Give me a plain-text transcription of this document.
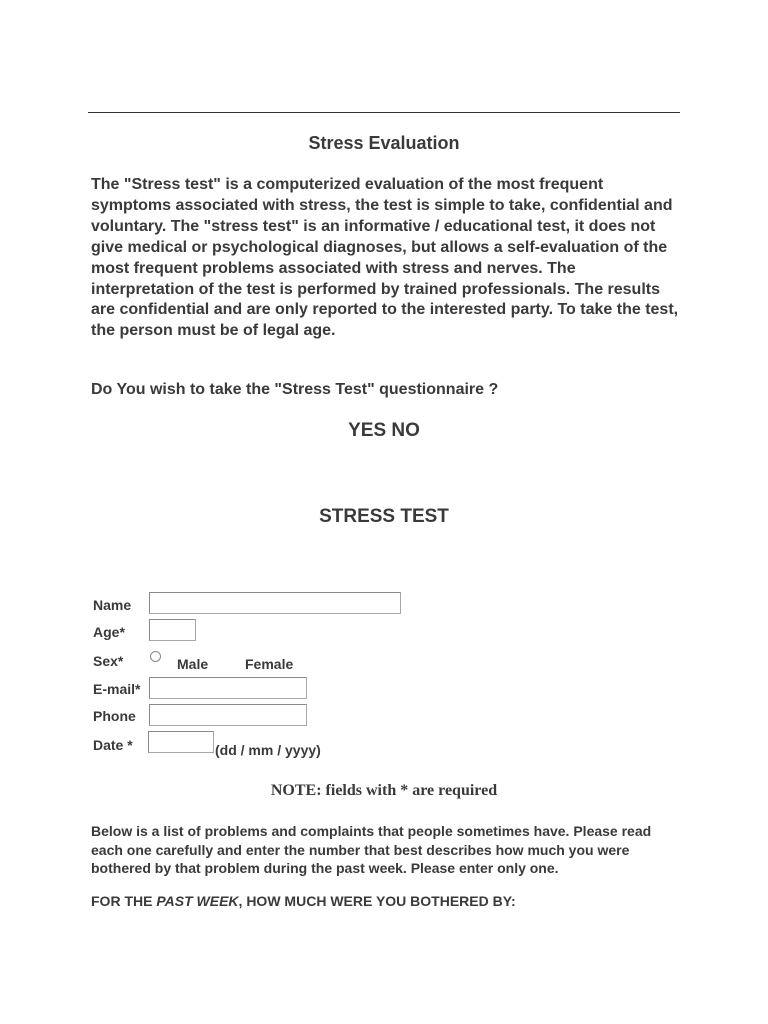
Stress Evaluation

The "Stress test" is a computerized evaluation of the most frequent symptoms associated with stress, the test is simple to take, confidential and voluntary. The "stress test" is an informative / educational test, it does not give medical or psychological diagnoses, but allows a self-evaluation of the most frequent problems associated with stress and nerves. The interpretation of the test is performed by trained professionals. The results are confidential and are only reported to the interested party. To take the test, the person must be of legal age.

Do You wish to take the "Stress Test" questionnaire ?

YES NO
STRESS TEST
Name
Age*
Sex*	Male	Female
E-mail*
Phone
Date *	(dd / mm / yyyy)
NOTE: fields with * are required

Below is a list of problems and complaints that people sometimes have. Please read each one carefully and enter the number that best describes how much you were bothered by that problem during the past week. Please enter only one.

FOR THE PAST WEEK, HOW MUCH WERE YOU BOTHERED BY:
